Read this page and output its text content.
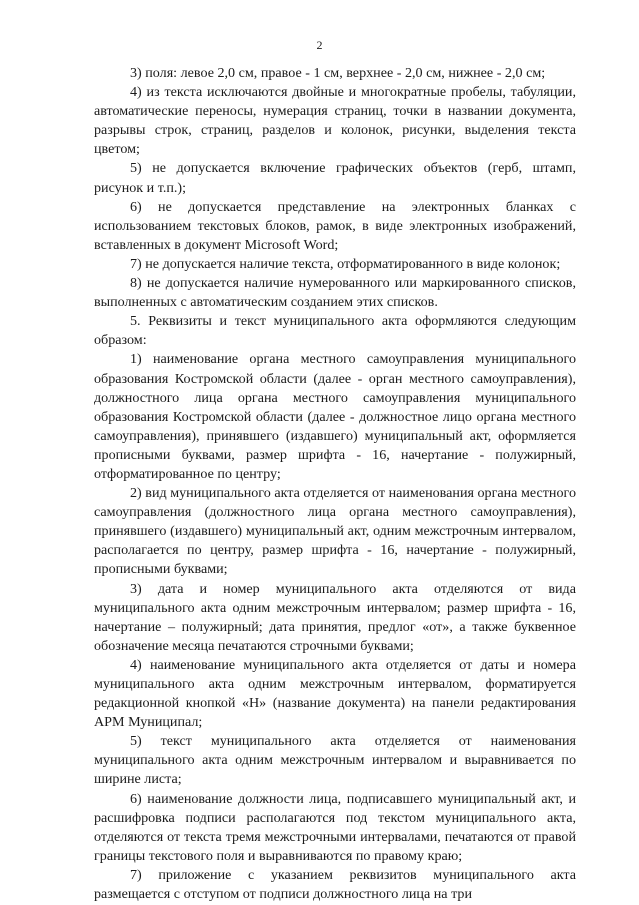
2

3) поля: левое 2,0 см, правое - 1 см, верхнее - 2,0 см, нижнее - 2,0 см;

4) из текста исключаются двойные и многократные пробелы, табуляции, автоматические переносы, нумерация страниц, точки в названии документа, разрывы строк, страниц, разделов и колонок, рисунки, выделения текста цветом;

5) не допускается включение графических объектов (герб, штамп, рисунок и т.п.);

6) не допускается представление на электронных бланках с использованием текстовых блоков, рамок, в виде электронных изображений, вставленных в документ Microsoft Word;

7) не допускается наличие текста, отформатированного в виде колонок;

8) не допускается наличие нумерованного или маркированного списков, выполненных с автоматическим созданием этих списков.

5. Реквизиты и текст муниципального акта оформляются следующим образом:

1) наименование органа местного самоуправления муниципального образования Костромской области (далее - орган местного самоуправления), должностного лица органа местного самоуправления муниципального образования Костромской области (далее - должностное лицо органа местного самоуправления), принявшего (издавшего) муниципальный акт, оформляется прописными буквами, размер шрифта - 16, начертание - полужирный, отформатированное по центру;

2) вид муниципального акта отделяется от наименования органа местного самоуправления (должностного лица органа местного самоуправления), принявшего (издавшего) муниципальный акт, одним межстрочным интервалом, располагается по центру, размер шрифта - 16, начертание - полужирный, прописными буквами;

3) дата и номер муниципального акта отделяются от вида муниципального акта одним межстрочным интервалом; размер шрифта - 16, начертание – полужирный; дата принятия, предлог «от», а также буквенное обозначение месяца печатаются строчными буквами;

4) наименование муниципального акта отделяется от даты и номера муниципального акта одним межстрочным интервалом, форматируется редакционной кнопкой «Н» (название документа) на панели редактирования АРМ Муниципал;

5) текст муниципального акта отделяется от наименования муниципального акта одним межстрочным интервалом и выравнивается по ширине листа;

6) наименование должности лица, подписавшего муниципальный акт, и расшифровка подписи располагаются под текстом муниципального акта, отделяются от текста тремя межстрочными интервалами, печатаются от правой границы текстового поля и выравниваются по правому краю;

7) приложение с указанием реквизитов муниципального акта размещается с отступом от подписи должностного лица на три
